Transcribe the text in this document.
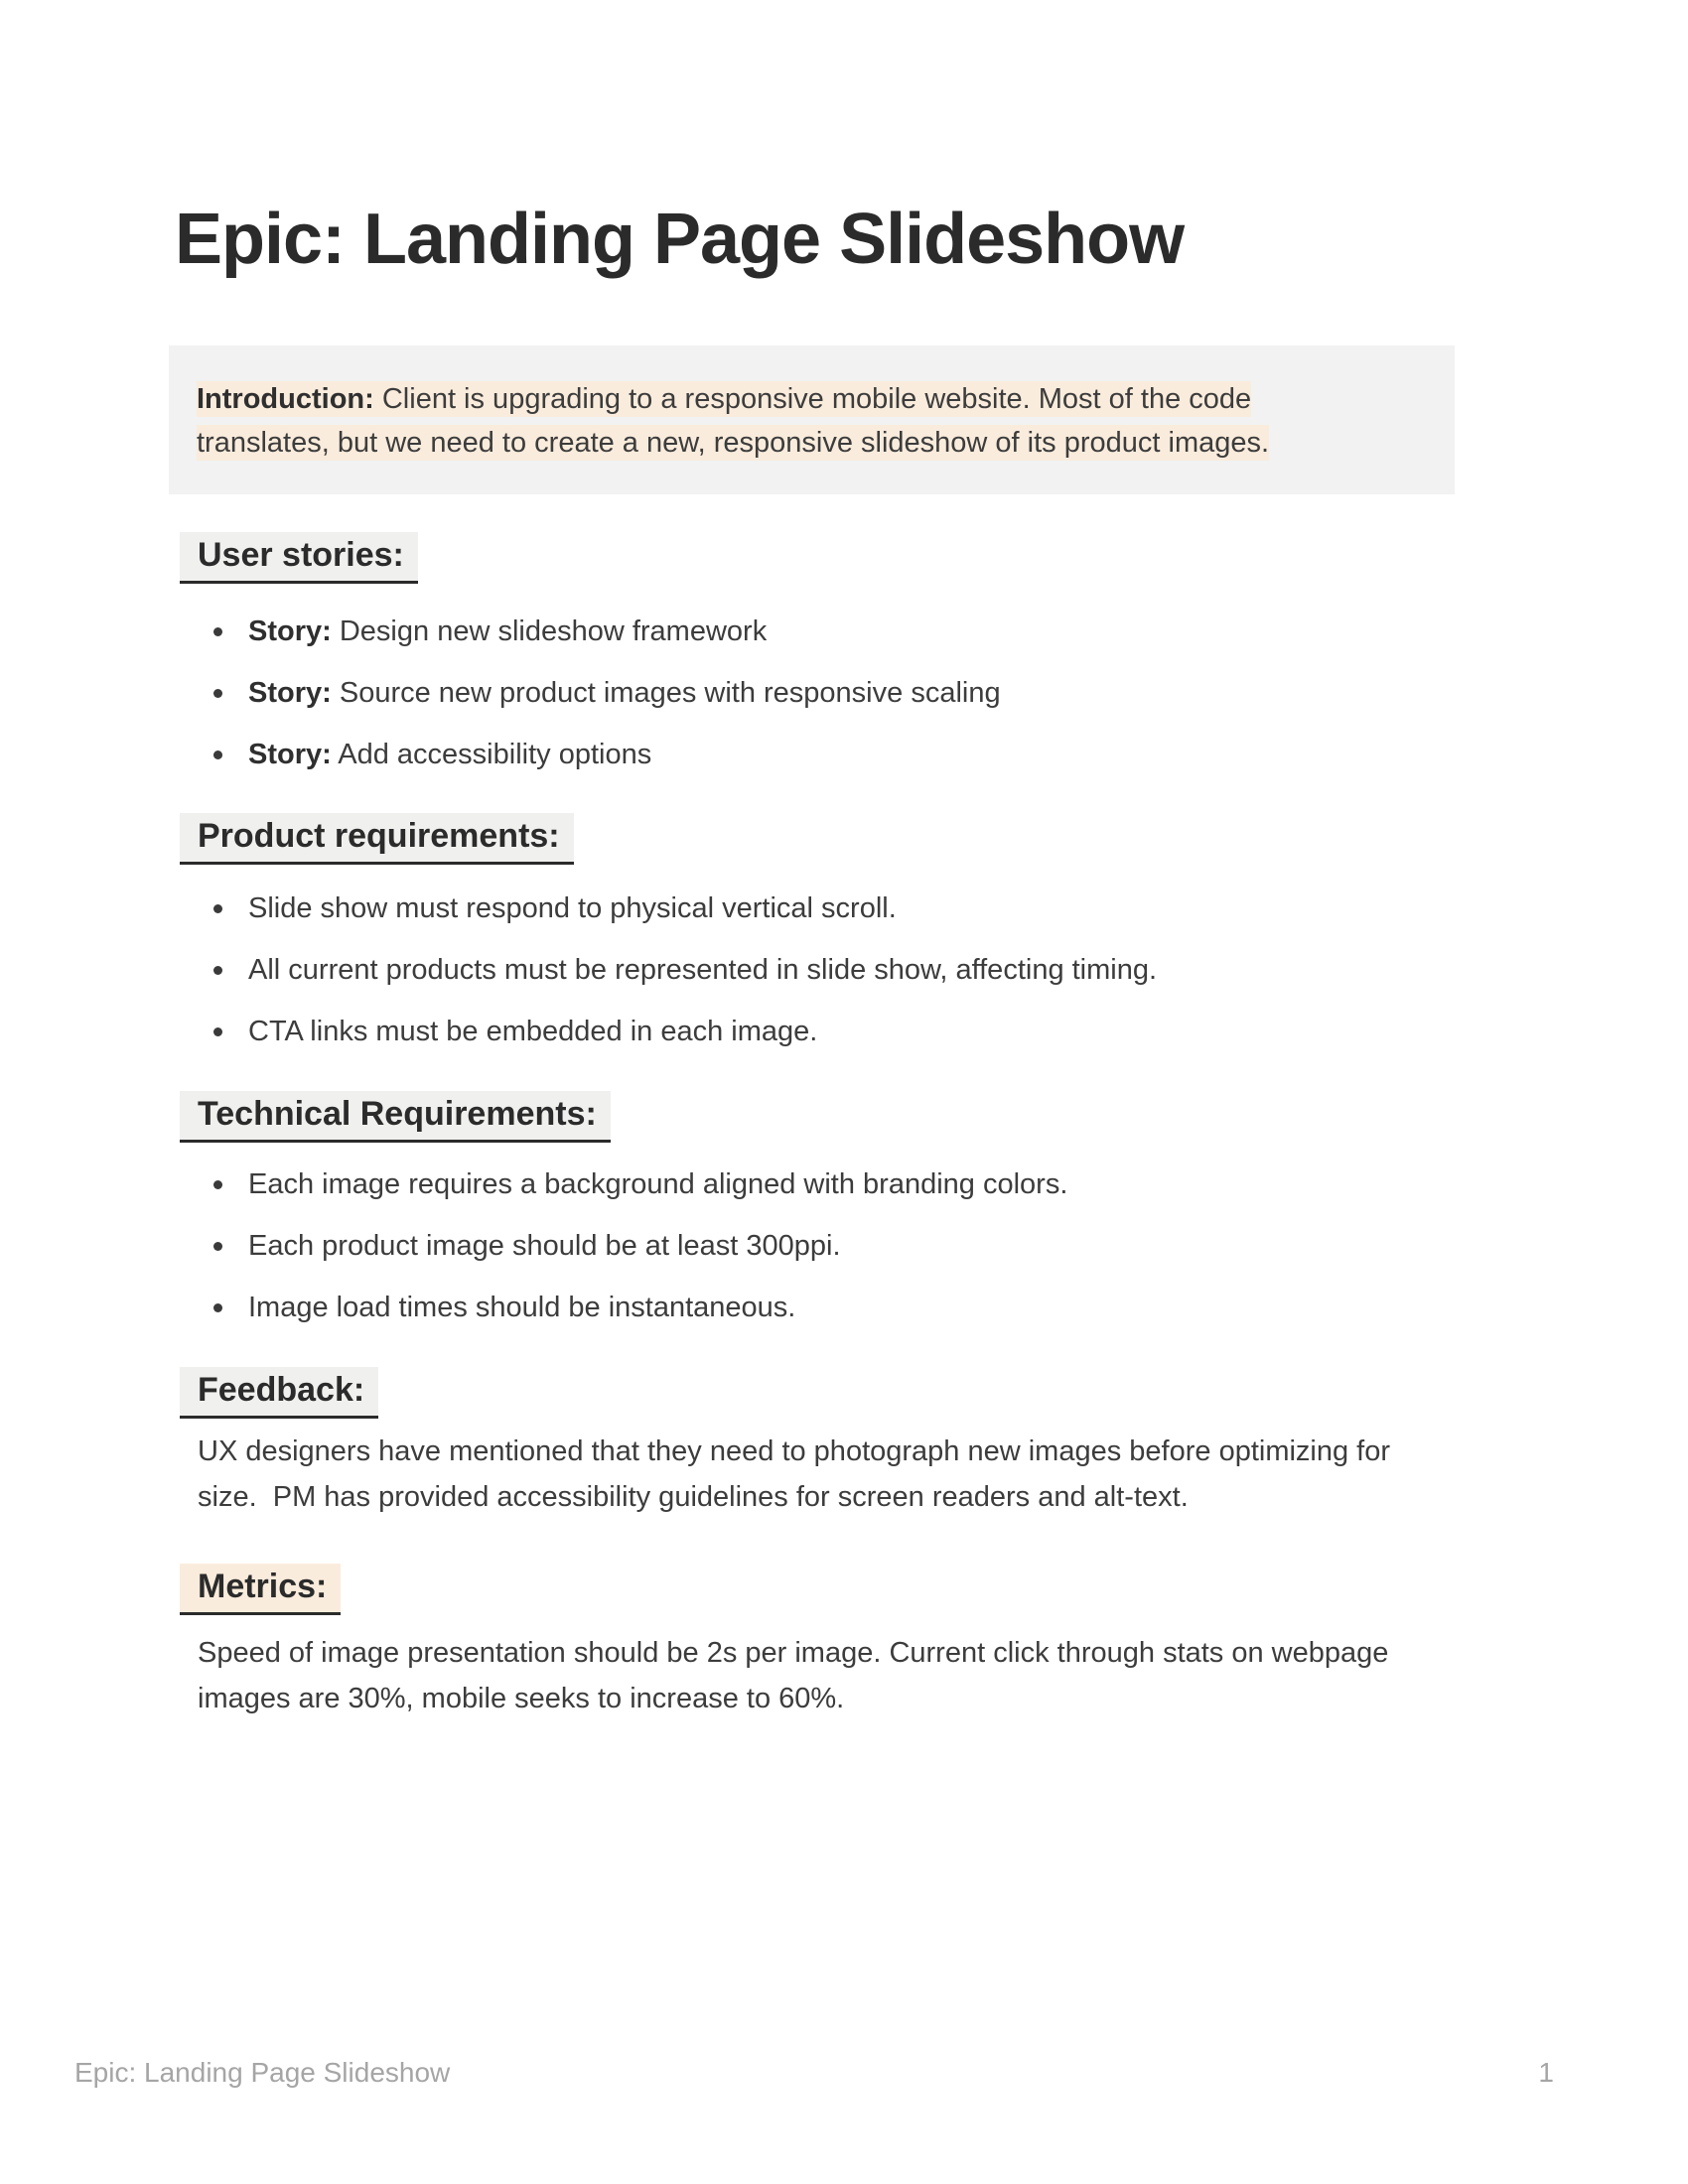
Epic: Landing Page Slideshow

Introduction: Client is upgrading to a responsive mobile website. Most of the code translates, but we need to create a new, responsive slideshow of its product images.

User stories:
Story: Design new slideshow framework
Story: Source new product images with responsive scaling
Story: Add accessibility options
Product requirements:
Slide show must respond to physical vertical scroll.
All current products must be represented in slide show, affecting timing.
CTA links must be embedded in each image.
Technical Requirements:
Each image requires a background aligned with branding colors.
Each product image should be at least 300ppi.
Image load times should be instantaneous.
Feedback:

UX designers have mentioned that they need to photograph new images before optimizing for size.  PM has provided accessibility guidelines for screen readers and alt-text.

Metrics:

Speed of image presentation should be 2s per image. Current click through stats on webpage images are 30%, mobile seeks to increase to 60%.

Epic: Landing Page Slideshow	1
